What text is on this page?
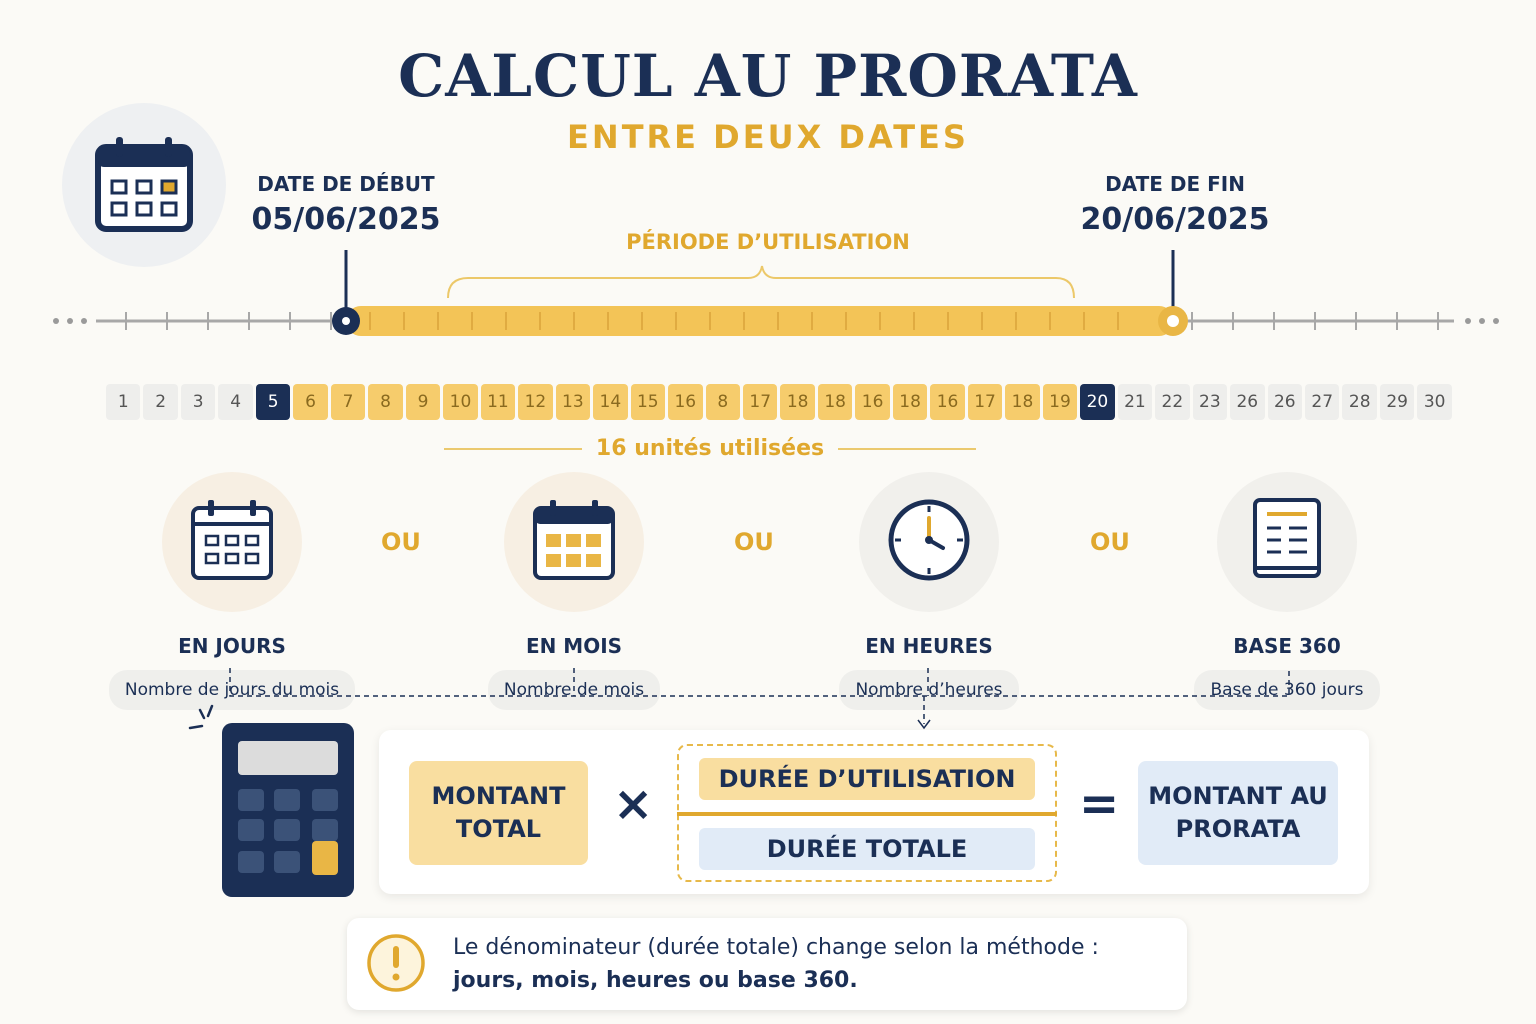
CALCUL AU PRORATA
ENTRE DEUX DATES
DATE DE DÉBUT
05/06/2025
DATE DE FIN
20/06/2025
PÉRIODE D’UTILISATION
1	2	3	4	5	6	7	8	9	10 11 12 13 14 15 16	8	17 18 18 16 18 16 17 18 19 20 21 22 23 26 26 27 28 29 30
16 unités utilisées
EN JOURS
Nombre de jours du mois
EN MOIS
Nombre de mois
EN HEURES
Nombre d’heures
BASE 360
Base de 360 jours
OU	OU	OU
MONTANT TOTAL	×	DURÉE D’UTILISATION
DURÉE TOTALE
=	MONTANT AU PRORATA
Le dénominateur (durée totale) change selon la méthode :
jours, mois, heures ou base 360.
